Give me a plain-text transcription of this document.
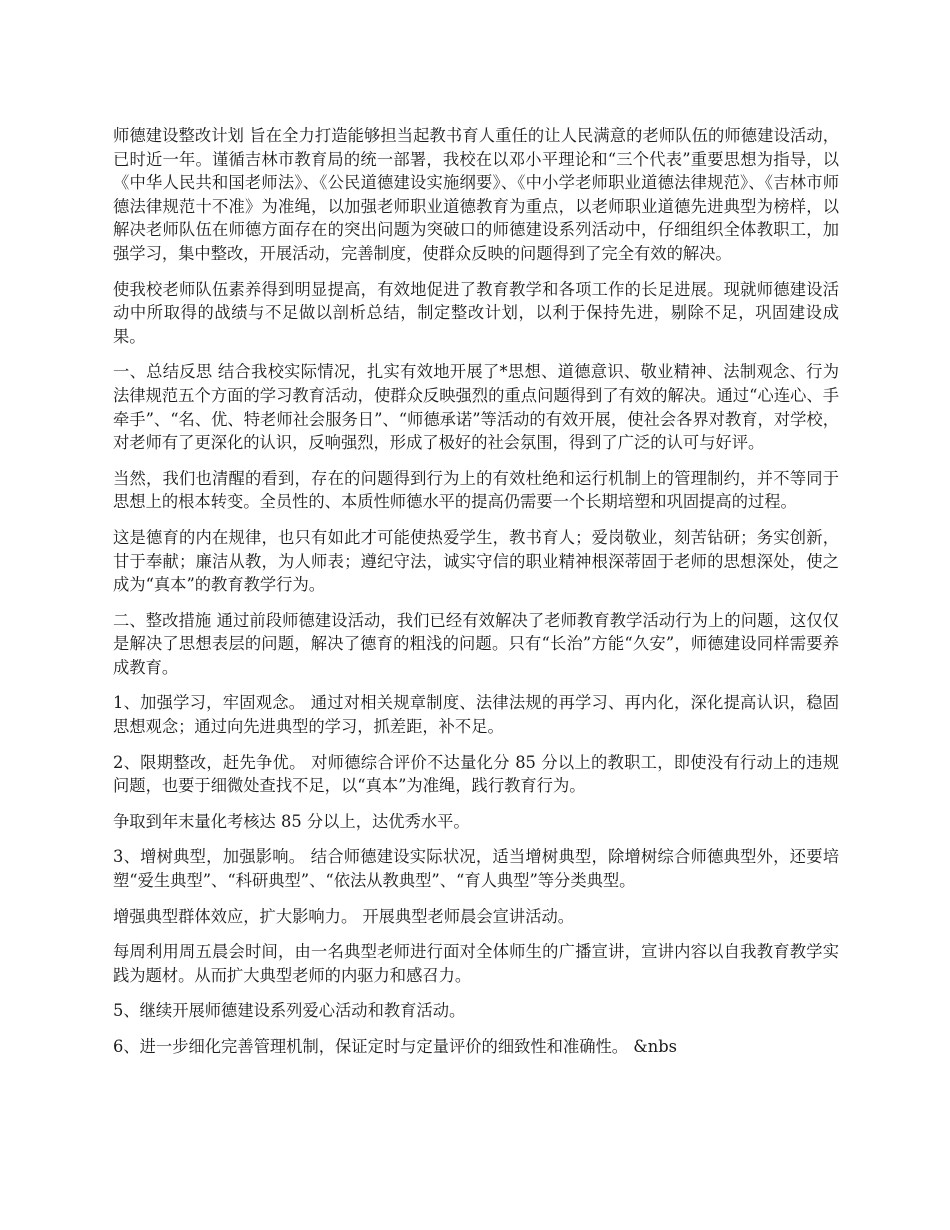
师德建设整改计划 旨在全力打造能够担当起教书育人重任的让人民满意的老师队伍的师德建设活动，已时近一年。谨循吉林市教育局的统一部署，我校在以邓小平理论和“三个代表”重要思想为指导，以《中华人民共和国老师法》、《公民道德建设实施纲要》、《中小学老师职业道德法律规范》、《吉林市师德法律规范十不准》为准绳，以加强老师职业道德教育为重点，以老师职业道德先进典型为榜样，以解决老师队伍在师德方面存在的突出问题为突破口的师德建设系列活动中，仔细组织全体教职工，加强学习，集中整改，开展活动，完善制度，使群众反映的问题得到了完全有效的解决。

使我校老师队伍素养得到明显提高，有效地促进了教育教学和各项工作的长足进展。现就师德建设活动中所取得的战绩与不足做以剖析总结，制定整改计划，以利于保持先进，剔除不足，巩固建设成果。

一、总结反思 结合我校实际情况，扎实有效地开展了*思想、道德意识、敬业精神、法制观念、行为法律规范五个方面的学习教育活动，使群众反映强烈的重点问题得到了有效的解决。通过“心连心、手牵手”、“名、优、特老师社会服务日”、“师德承诺”等活动的有效开展，使社会各界对教育，对学校，对老师有了更深化的认识，反响强烈，形成了极好的社会氛围，得到了广泛的认可与好评。

当然，我们也清醒的看到，存在的问题得到行为上的有效杜绝和运行机制上的管理制约，并不等同于思想上的根本转变。全员性的、本质性师德水平的提高仍需要一个长期培塑和巩固提高的过程。

这是德育的内在规律，也只有如此才可能使热爱学生，教书育人；爱岗敬业，刻苦钻研；务实创新，甘于奉献；廉洁从教，为人师表；遵纪守法，诚实守信的职业精神根深蒂固于老师的思想深处，使之成为“真本”的教育教学行为。

二、整改措施 通过前段师德建设活动，我们已经有效解决了老师教育教学活动行为上的问题，这仅仅是解决了思想表层的问题，解决了德育的粗浅的问题。只有“长治”方能“久安”，师德建设同样需要养成教育。

1、加强学习，牢固观念。 通过对相关规章制度、法律法规的再学习、再内化，深化提高认识，稳固思想观念；通过向先进典型的学习，抓差距，补不足。

2、限期整改，赶先争优。 对师德综合评价不达量化分 85 分以上的教职工，即使没有行动上的违规问题，也要于细微处查找不足，以“真本”为准绳，践行教育行为。

争取到年末量化考核达 85 分以上，达优秀水平。

3、增树典型，加强影响。 结合师德建设实际状况，适当增树典型，除增树综合师德典型外，还要培塑“爱生典型”、“科研典型”、“依法从教典型”、“育人典型”等分类典型。

增强典型群体效应，扩大影响力。 开展典型老师晨会宣讲活动。

每周利用周五晨会时间，由一名典型老师进行面对全体师生的广播宣讲，宣讲内容以自我教育教学实践为题材。从而扩大典型老师的内驱力和感召力。

5、继续开展师德建设系列爱心活动和教育活动。

6、进一步细化完善管理机制，保证定时与定量评价的细致性和准确性。 &nbs
